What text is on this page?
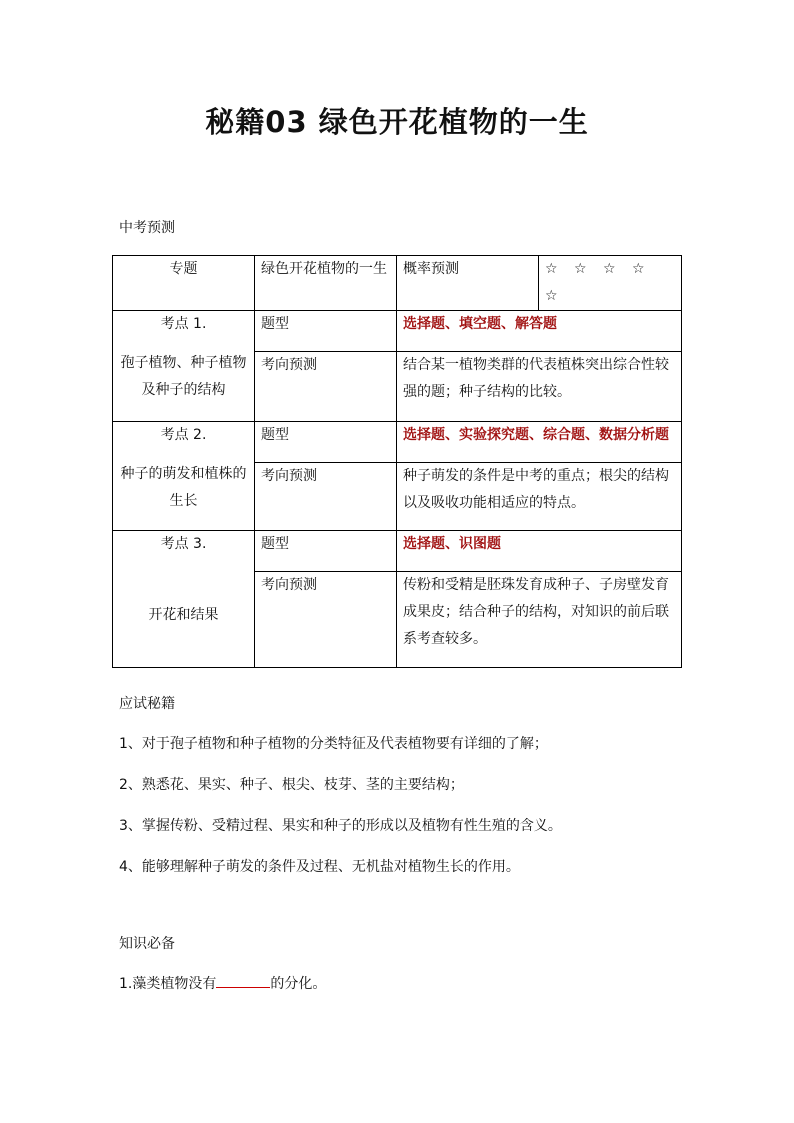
秘籍03 绿色开花植物的一生
中考预测
专题	绿色开花植物的一生	概率预测	☆ ☆ ☆ ☆ ☆

考点 1.
孢子植物、种子植物及种子的结构	题型	选择题、填空题、解答题	
	考向预测	结合某一植物类群的代表植株突出综合性较强的题；种子结构的比较。	

考点 2.
种子的萌发和植株的生长	题型	选择题、实验探究题、综合题、数据分析题	
	考向预测	种子萌发的条件是中考的重点；根尖的结构以及吸收功能相适应的特点。	

考点 3.
开花和结果	题型	选择题、识图题	
	考向预测	传粉和受精是胚珠发育成种子、子房壁发育成果皮；结合种子的结构，对知识的前后联系考查较多。	
应试秘籍
1、对于孢子植物和种子植物的分类特征及代表植物要有详细的了解；
2、熟悉花、果实、种子、根尖、枝芽、茎的主要结构；
3、掌握传粉、受精过程、果实和种子的形成以及植物有性生殖的含义。
4、能够理解种子萌发的条件及过程、无机盐对植物生长的作用。
知识必备
1.藻类植物没有	的分化。
